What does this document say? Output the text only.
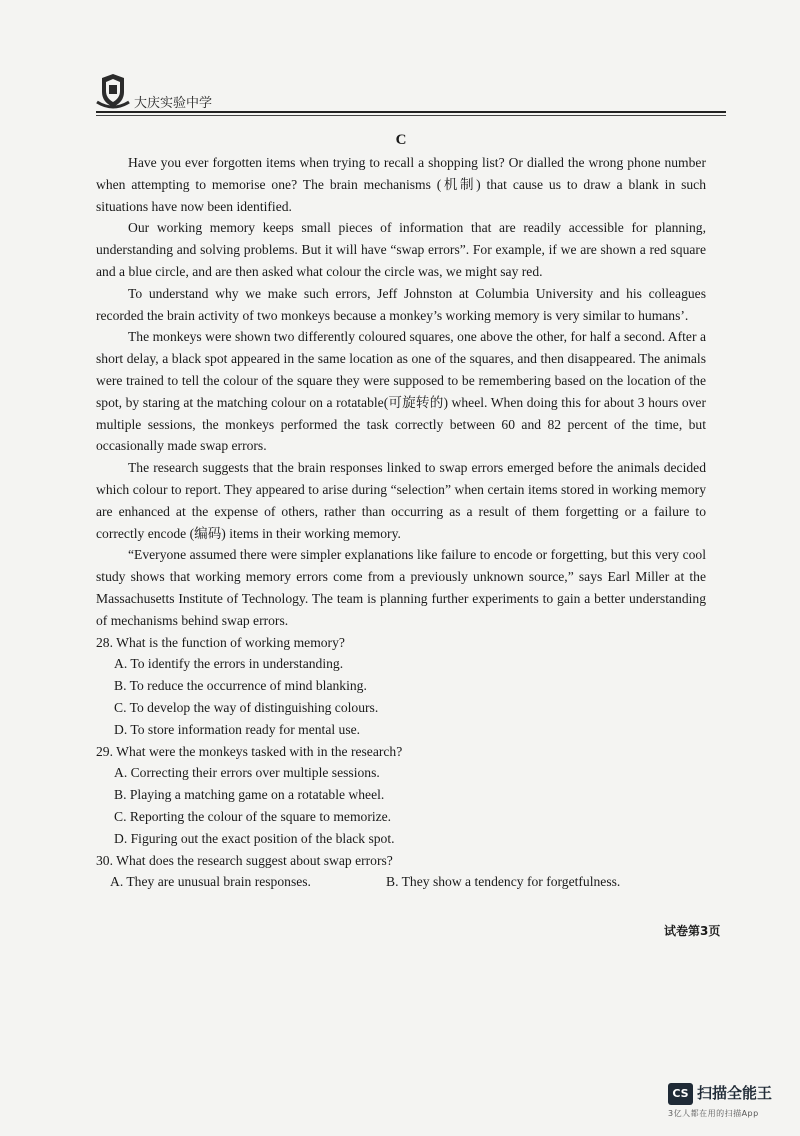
大庆实验中学

C

Have you ever forgotten items when trying to recall a shopping list? Or dialled the wrong phone number when attempting to memorise one? The brain mechanisms (机制) that cause us to draw a blank in such situations have now been identified.

Our working memory keeps small pieces of information that are readily accessible for planning, understanding and solving problems. But it will have “swap errors”. For example, if we are shown a red square and a blue circle, and are then asked what colour the circle was, we might say red.

To understand why we make such errors, Jeff Johnston at Columbia University and his colleagues recorded the brain activity of two monkeys because a monkey’s working memory is very similar to humans’.

The monkeys were shown two differently coloured squares, one above the other, for half a second. After a short delay, a black spot appeared in the same location as one of the squares, and then disappeared. The animals were trained to tell the colour of the square they were supposed to be remembering based on the location of the spot, by staring at the matching colour on a rotatable(可旋转的) wheel. When doing this for about 3 hours over multiple sessions, the monkeys performed the task correctly between 60 and 82 percent of the time, but occasionally made swap errors.

The research suggests that the brain responses linked to swap errors emerged before the animals decided which colour to report. They appeared to arise during “selection” when certain items stored in working memory are enhanced at the expense of others, rather than occurring as a result of them forgetting or a failure to correctly encode (编码) items in their working memory.

“Everyone assumed there were simpler explanations like failure to encode or forgetting, but this very cool study shows that working memory errors come from a previously unknown source,” says Earl Miller at the Massachusetts Institute of Technology. The team is planning further experiments to gain a better understanding of mechanisms behind swap errors.

28. What is the function of working memory?

A. To identify the errors in understanding.

B. To reduce the occurrence of mind blanking.

C. To develop the way of distinguishing colours.

D. To store information ready for mental use.

29. What were the monkeys tasked with in the research?

A. Correcting their errors over multiple sessions.

B. Playing a matching game on a rotatable wheel.

C. Reporting the colour of the square to memorize.

D. Figuring out the exact position of the black spot.

30. What does the research suggest about swap errors?

A. They are unusual brain responses.	B. They show a tendency for forgetfulness.
试卷第3页
CS 扫描全能王
3亿人都在用的扫描App
